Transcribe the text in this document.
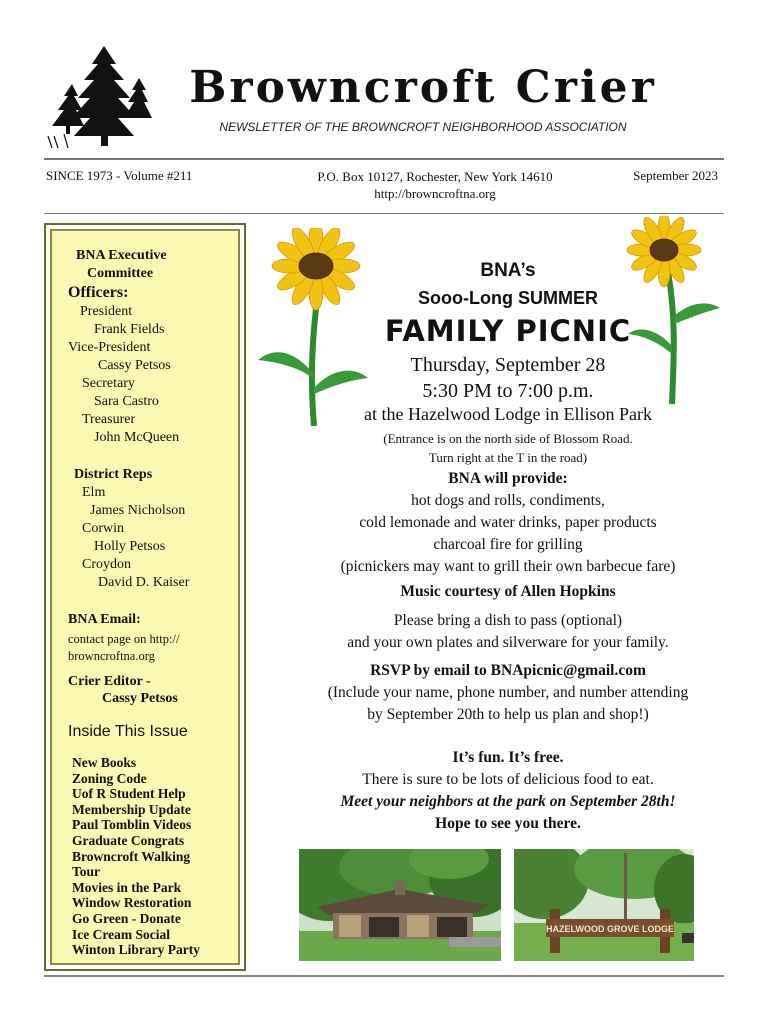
Browncroft Crier
NEWSLETTER OF THE BROWNCROFT NEIGHBORHOOD ASSOCIATION
SINCE 1973 - Volume #211	P.O. Box 10127, Rochester, New York 14610
http://browncroftna.org
September 2023
BNA Executive
Committee
Officers:
President
Frank Fields
Vice-President
Cassy Petsos
Secretary
Sara Castro
Treasurer
John McQueen
District Reps
Elm
James Nicholson
Corwin
Holly Petsos
Croydon
David D. Kaiser
BNA Email:
contact page on http://
browncroftna.org
Crier Editor -
Cassy Petsos
Inside This Issue
New Books
Zoning Code
Uof R Student Help
Membership Update
Paul Tomblin Videos
Graduate Congrats
Browncroft Walking
Tour
Movies in the Park
Window Restoration
Go Green - Donate
Ice Cream Social
Winton Library Party
BNA’s
Sooo-Long SUMMER
FAMILY PICNIC
Thursday, September 28
5:30 PM to 7:00 p.m.
at the Hazelwood Lodge in Ellison Park
(Entrance is on the north side of Blossom Road.
Turn right at the T in the road)
BNA will provide:
hot dogs and rolls, condiments,
cold lemonade and water drinks, paper products
charcoal fire for grilling
(picnickers may want to grill their own barbecue fare)
Music courtesy of Allen Hopkins
Please bring a dish to pass (optional)
and your own plates and silverware for your family.
RSVP by email to BNApicnic@gmail.com
(Include your name, phone number, and number attending
by September 20th to help us plan and shop!)
It’s fun. It’s free.
There is sure to be lots of delicious food to eat.
Meet your neighbors at the park on September 28th!
Hope to see you there.
HAZELWOOD GROVE LODGE
